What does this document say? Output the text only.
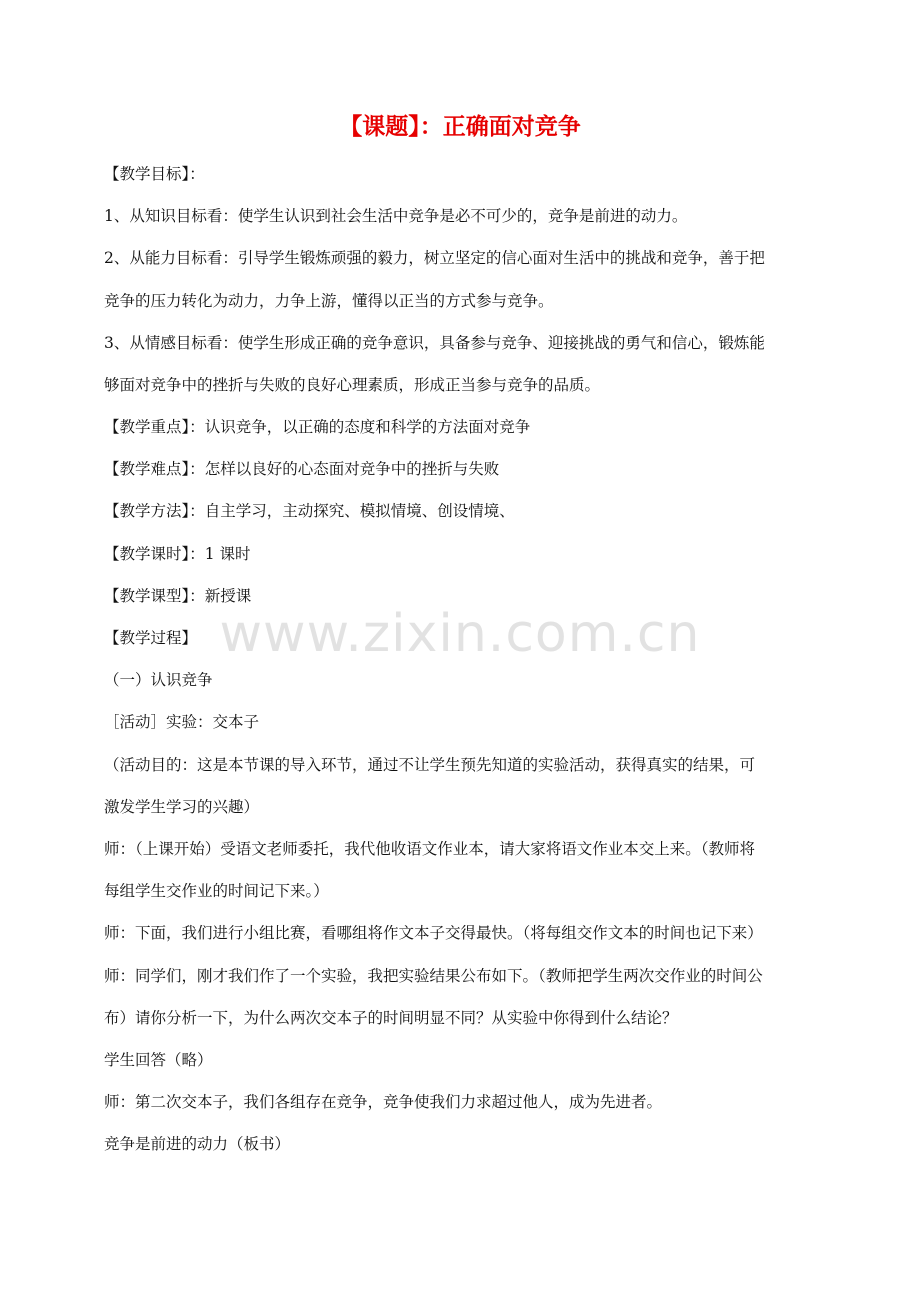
【课题】：正确面对竞争
www.zixin.com.cn
【教学目标】：
1、从知识目标看：使学生认识到社会生活中竞争是必不可少的，竞争是前进的动力。
2、从能力目标看：引导学生锻炼顽强的毅力，树立坚定的信心面对生活中的挑战和竞争，善于把
竞争的压力转化为动力，力争上游，懂得以正当的方式参与竞争。
3、从情感目标看：使学生形成正确的竞争意识，具备参与竞争、迎接挑战的勇气和信心，锻炼能
够面对竞争中的挫折与失败的良好心理素质，形成正当参与竞争的品质。
【教学重点】：认识竞争，以正确的态度和科学的方法面对竞争
【教学难点】：怎样以良好的心态面对竞争中的挫折与失败
【教学方法】：自主学习，主动探究、模拟情境、创设情境、
【教学课时】：1 课时
【教学课型】：新授课
【教学过程】
（一）认识竞争
［活动］实验：交本子
（活动目的：这是本节课的导入环节，通过不让学生预先知道的实验活动，获得真实的结果，可
激发学生学习的兴趣）
师：（上课开始）受语文老师委托，我代他收语文作业本，请大家将语文作业本交上来。（教师将
每组学生交作业的时间记下来。）
师：下面，我们进行小组比赛，看哪组将作文本子交得最快。（将每组交作文本的时间也记下来）
师：同学们，刚才我们作了一个实验，我把实验结果公布如下。（教师把学生两次交作业的时间公
布）请你分析一下，为什么两次交本子的时间明显不同？从实验中你得到什么结论？
学生回答（略）
师：第二次交本子，我们各组存在竞争，竞争使我们力求超过他人，成为先进者。
竞争是前进的动力（板书）
